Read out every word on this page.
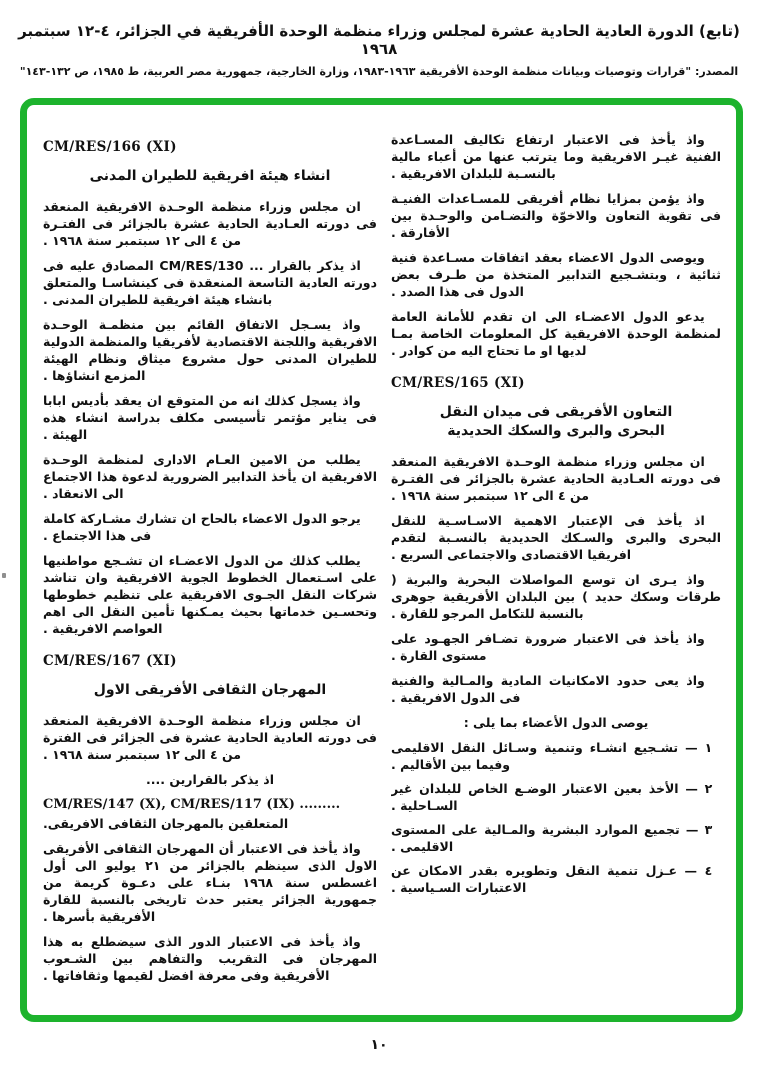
(تابع) الدورة العادية الحادية عشرة لمجلس وزراء منظمة الوحدة الأفريقية في الجزائر، ٤-١٢ سبتمبر ١٩٦٨
المصدر: "قرارات وتوصيات وبيانات منظمة الوحدة الأفريقية ١٩٦٣-١٩٨٣، وزارة الخارجية، جمهورية مصر العربية، ط ١٩٨٥، ص ١٣٢-١٤٣"
CM/RES/166 (XI)
انشاء هيئة افريقية للطيران المدنى
ان مجلس وزراء منظمة الوحـدة الافريقية المنعقد فى دورته العـادية الحادية عشرة بالجزائر فى الفتـرة من ٤ الى ١٢ سبتمبر سنة ١٩٦٨ .
اذ يذكر بالقرار ... CM/RES/130 المصادق عليه فى دورته العادية التاسعة المنعقدة فى كينشاسـا والمتعلق بانشاء هيئة افريقية للطيران المدنى .
واذ يسـجل الاتفاق القائم بين منظمـة الوحـدة الافريقية واللجنة الاقتصادية لأفريقيا والمنظمة الدولية للطيران المدنى حول مشروع ميثاق ونظام الهيئة المزمع انشاؤها .
واذ يسجل كذلك انه من المتوقع ان يعقد بأديس ابابا فى يناير مؤتمر تأسيسى مكلف بدراسة انشاء هذه الهيئة .
يطلب من الامين العـام الادارى لمنظمة الوحـدة الافريقية ان يأخذ التدابير الضرورية لدعوة هذا الاجتماع الى الانعقاد .
يرجو الدول الاعضاء بالحاح ان تشارك مشـاركة كاملة فى هذا الاجتماع .
يطلب كذلك من الدول الاعضـاء ان تشـجع مواطنيها على اسـتعمال الخطوط الجوية الافريقية وان تناشد شركات النقل الجـوى الافريقية على تنظيم خطوطها وتحسـين خدماتها بحيث يمـكنها تأمين النقل الى اهم العواصم الافريقية .
CM/RES/167 (XI)
المهرجان الثقافى الأفريقى الاول
ان مجلس وزراء منظمة الوحـدة الافريقية المنعقد فى دورته العادية الحادية عشرة فى الجزائر فى الفترة من ٤ الى ١٢ سبتمبر سنة ١٩٦٨ .
اذ يذكر بالقرارين ....
CM/RES/147 (X), CM/RES/117 (IX) .........
المتعلقين بالمهرجان الثقافى الافريقى.
واذ يأخذ فى الاعتبار أن المهرجان الثقافى الأفريقى الاول الذى سينظم بالجزائر من ٢١ يوليو الى أول اغسطس سنة ١٩٦٨ بنـاء على دعـوة كريمة من جمهورية الجزائر يعتبر حدث تاريخى بالنسبة للقارة الأفريقية بأسرها .
واذ يأخذ فى الاعتبار الدور الذى سيضطلع به هذا المهرجان فى التقريب والتفاهم بين الشـعوب الأفريقية وفى معرفة افضل لقيمها وثقافاتها .
واذ يأخذ فى الاعتبار ارتفاع تكاليف المسـاعدة الفنية غيـر الافريقية وما يترتب عنها من أعباء مالية بالنسـبة للبلدان الافريقية .
واذ يؤمن بمزايا نظام أفريقى للمسـاعدات الفنيـة فى تقوية التعاون والاخوّة والتضـامن والوحـدة بين الأفارقة .
ويوصى الدول الاعضاء بعقد اتفاقات مسـاعدة فنية ثنائية ، وبتشـجيع التدابير المتخذة من طـرف بعض الدول فى هذا الصدد .
يدعو الدول الاعضـاء الى ان تقدم للأمانة العامة لمنظمة الوحدة الافريقية كل المعلومات الخاصة بمـا لديها او ما تحتاج اليه من كوادر .
CM/RES/165 (XI)
التعاون الأفريقى فى ميدان النقل
البحرى والبرى والسكك الحديدية
ان مجلس وزراء منظمة الوحـدة الافريقية المنعقد فى دورته العـادية الحادية عشرة بالجزائر فى الفتـرة من ٤ الى ١٢ سبتمبر سنة ١٩٦٨ .
اذ يأخذ فى الإعتبار الاهمية الاسـاسـية للنقل البحرى والبرى والسـكك الحديدية بالنسـبة لتقدم افريقيا الاقتصادى والاجتماعى السريع .
واذ يـرى ان توسع المواصلات البحرية والبرية ( طرقات وسكك حديد ) بين البلدان الأفريقية جوهرى بالنسبة للتكامل المرجو للقارة .
واذ يأخذ فى الاعتبار ضرورة تضـافر الجهـود على مستوى القارة .
واذ يعى حدود الامكانيات المادية والمـالية والفنية فى الدول الافريقية .
يوصى الدول الأعضاء بما يلى :
١ — تشـجيع انشـاء وتنمية وسـائل النقل الاقليمى وفيما بين الأقاليم .
٢ — الأخذ بعين الاعتبار الوضـع الخاص للبلدان غير السـاحلية .
٣ — تجميع الموارد البشرية والمـالية على المستوى الاقليمى .
٤ — عـزل تنمية النقل وتطويره بقدر الامكان عن الاعتبارات السـياسية .
١٠
